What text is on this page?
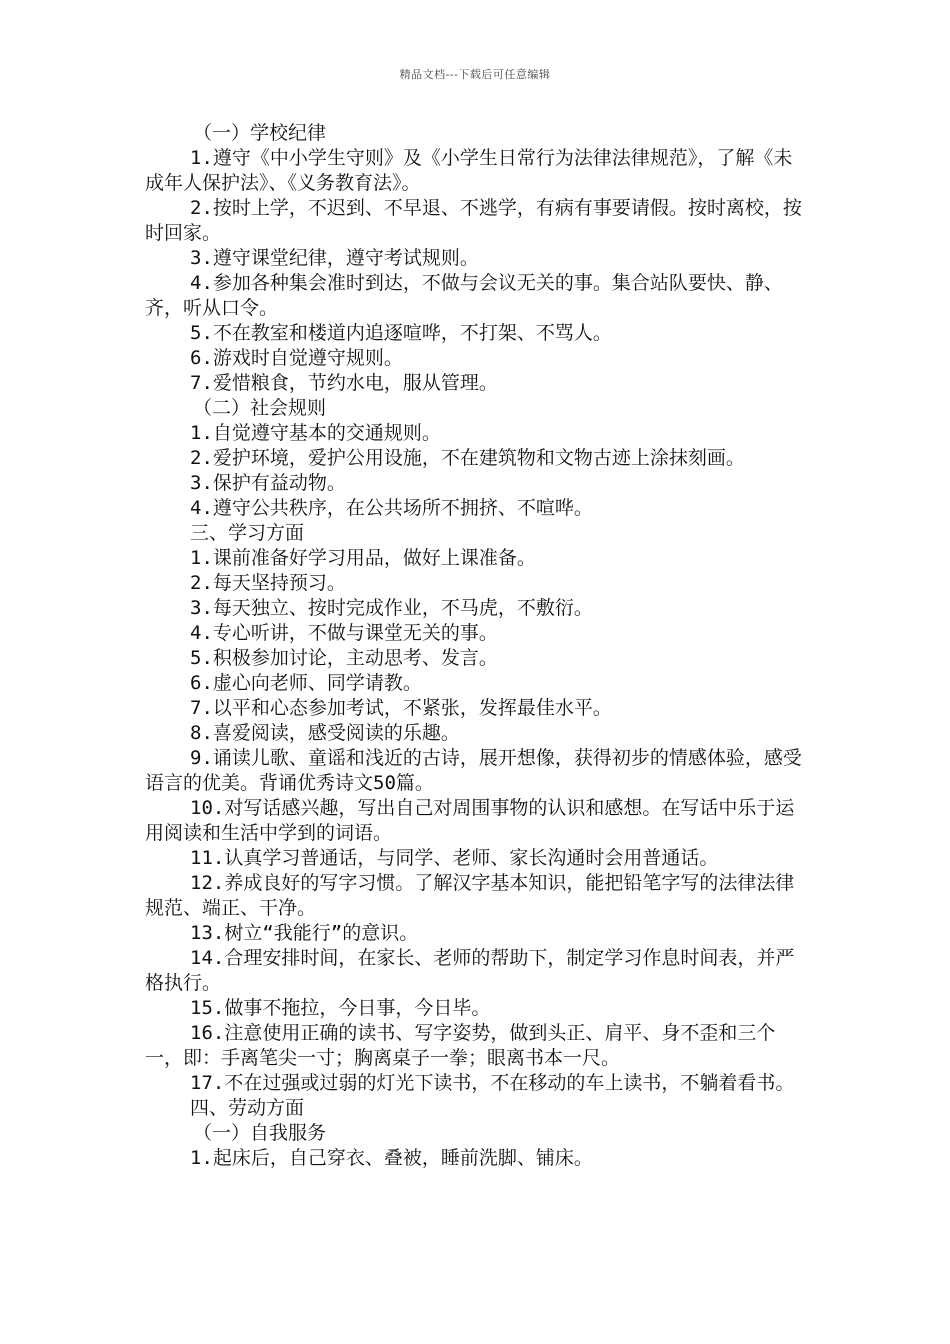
精品文档---下载后可任意编辑

（一）学校纪律

1.遵守《中小学生守则》及《小学生日常行为法律法律规范》，了解《未成年人保护法》、《义务教育法》。

2.按时上学，不迟到、不早退、不逃学，有病有事要请假。按时离校，按时回家。

3.遵守课堂纪律，遵守考试规则。

4.参加各种集会准时到达，不做与会议无关的事。集合站队要快、静、齐，听从口令。

5.不在教室和楼道内追逐喧哗，不打架、不骂人。

6.游戏时自觉遵守规则。

7.爱惜粮食，节约水电，服从管理。

（二）社会规则

1.自觉遵守基本的交通规则。

2.爱护环境，爱护公用设施，不在建筑物和文物古迹上涂抹刻画。

3.保护有益动物。

4.遵守公共秩序，在公共场所不拥挤、不喧哗。

三、学习方面

1.课前准备好学习用品，做好上课准备。

2.每天坚持预习。

3.每天独立、按时完成作业，不马虎，不敷衍。

4.专心听讲，不做与课堂无关的事。

5.积极参加讨论，主动思考、发言。

6.虚心向老师、同学请教。

7.以平和心态参加考试，不紧张，发挥最佳水平。

8.喜爱阅读，感受阅读的乐趣。

9.诵读儿歌、童谣和浅近的古诗，展开想像，获得初步的情感体验，感受语言的优美。背诵优秀诗文50篇。

10.对写话感兴趣，写出自己对周围事物的认识和感想。在写话中乐于运用阅读和生活中学到的词语。

11.认真学习普通话，与同学、老师、家长沟通时会用普通话。

12.养成良好的写字习惯。了解汉字基本知识，能把铅笔字写的法律法律规范、端正、干净。

13.树立“我能行”的意识。

14.合理安排时间，在家长、老师的帮助下，制定学习作息时间表，并严格执行。

15.做事不拖拉，今日事，今日毕。

16.注意使用正确的读书、写字姿势，做到头正、肩平、身不歪和三个一，即：手离笔尖一寸；胸离桌子一拳；眼离书本一尺。

17.不在过强或过弱的灯光下读书，不在移动的车上读书，不躺着看书。

四、劳动方面

（一）自我服务

1.起床后，自己穿衣、叠被，睡前洗脚、铺床。
